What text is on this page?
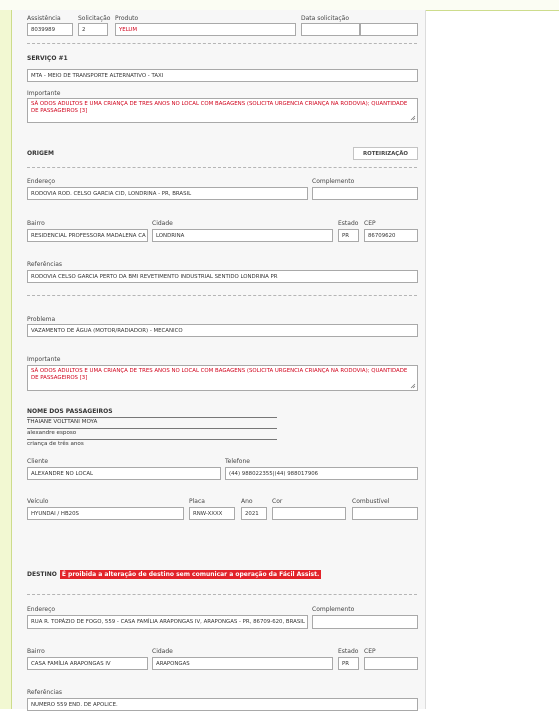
Assistência
8039989
Solicitação
2
Produto
YELUM
Data solicitação
SERVIÇO #1
MTA - MEIO DE TRANSPORTE ALTERNATIVO - TAXI
Importante
SÃ ODOS ADULTOS E UMA CRIANÇA DE TRES ANOS NO LOCAL COM BAGAGENS (SOLICITA URGENCIA CRIANÇA NA RODOVIA); QUANTIDADE DE PASSAGEIROS [3]
ORIGEM	ROTEIRIZAÇÃO
Endereço
RODOVIA ROD. CELSO GARCIA CID, LONDRINA - PR, BRASIL
Complemento
Bairro
RESIDENCIAL PROFESSORA MADALENA CA
Cidade
LONDRINA
Estado
PR
CEP
86709620
Referências
RODOVIA CELSO GARCIA PERTO DA BMI REVETIMENTO INDUSTRIAL SENTIDO LONDRINA PR
Problema
VAZAMENTO DE ÁGUA (MOTOR/RADIADOR) - MECANICO
Importante
SÃ ODOS ADULTOS E UMA CRIANÇA DE TRES ANOS NO LOCAL COM BAGAGENS (SOLICITA URGENCIA CRIANÇA NA RODOVIA); QUANTIDADE DE PASSAGEIROS [3]
NOME DOS PASSAGEIROS
THAIANE VOLTTANI MOYA
alexandre esposo
criança de três anos
Cliente
ALEXANDRE NO LOCAL
Telefone
(44) 988022355|(44) 988017906
Veículo
HYUNDAI / HB20S
Placa
RNW-XXXX
Ano
2021
Cor	Combustível
DESTINO É proibida a alteração de destino sem comunicar a operação da Fácil Assist.
Endereço
RUA R. TOPÁZIO DE FOGO, 559 - CASA FAMÍLIA ARAPONGAS IV, ARAPONGAS - PR, 86709-620, BRASIL
Complemento
Bairro
CASA FAMÍLIA ARAPONGAS IV
Cidade
ARAPONGAS
Estado
PR
CEP
Referências
NUMERO 559 END. DE APOLICE.
